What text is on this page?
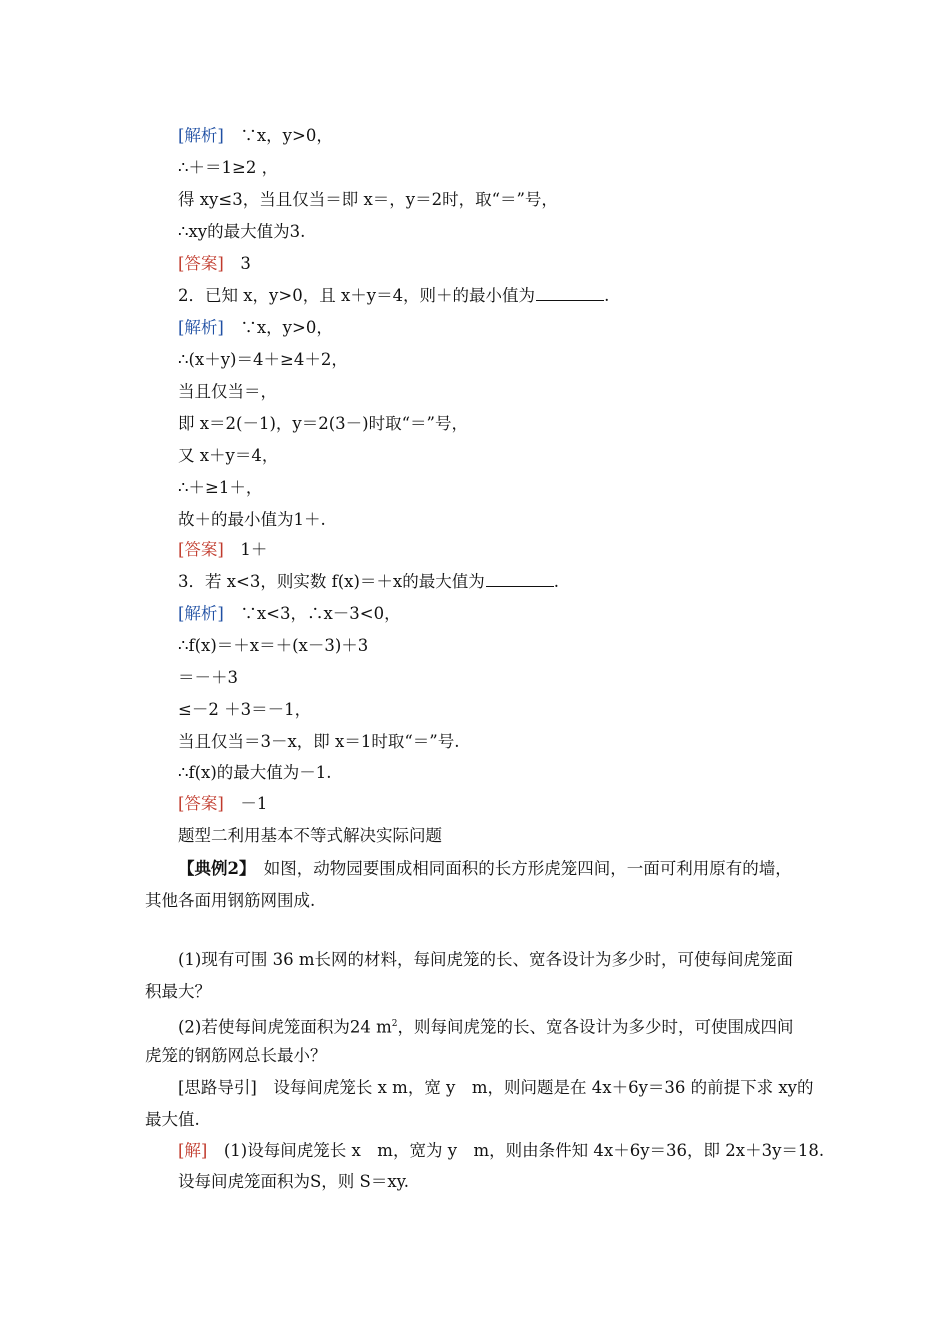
[解析]　∵x，y>0，
∴＋＝1≥2 ，
得 xy≤3，当且仅当＝即 x＝，y＝2时，取“＝”号，
∴xy的最大值为3.
[答案]　3
2．已知 x，y>0，且 x＋y＝4，则＋的最小值为	.
[解析]　∵x，y>0，
∴(x＋y)＝4＋≥4＋2，
当且仅当＝，
即 x＝2(－1)，y＝2(3－)时取“＝”号，
又 x＋y＝4，
∴＋≥1＋，
故＋的最小值为1＋.
[答案]　1＋
3．若 x<3，则实数 f(x)＝＋x的最大值为	.
[解析]　∵x<3，∴x－3<0，
∴f(x)＝＋x＝＋(x－3)＋3
＝－＋3
≤－2 ＋3＝－1，
当且仅当＝3－x，即 x＝1时取“＝”号.
∴f(x)的最大值为－1.
[答案]　－1
题型二利用基本不等式解决实际问题
【典例2】　如图，动物园要围成相同面积的长方形虎笼四间，一面可利用原有的墙，
其他各面用钢筋网围成.
(1)现有可围 36 m长网的材料，每间虎笼的长、宽各设计为多少时，可使每间虎笼面
积最大？
(2)若使每间虎笼面积为24 $m^2$，则每间虎笼的长、宽各设计为多少时，可使围成四间
虎笼的钢筋网总长最小？
[思路导引]　设每间虎笼长 x m，宽 y　m，则问题是在 4x＋6y＝36 的前提下求 xy的
最大值.
[解]　(1)设每间虎笼长 x　m，宽为 y　m，则由条件知 4x＋6y＝36，即 2x＋3y＝18.
设每间虎笼面积为S，则 S＝xy.
